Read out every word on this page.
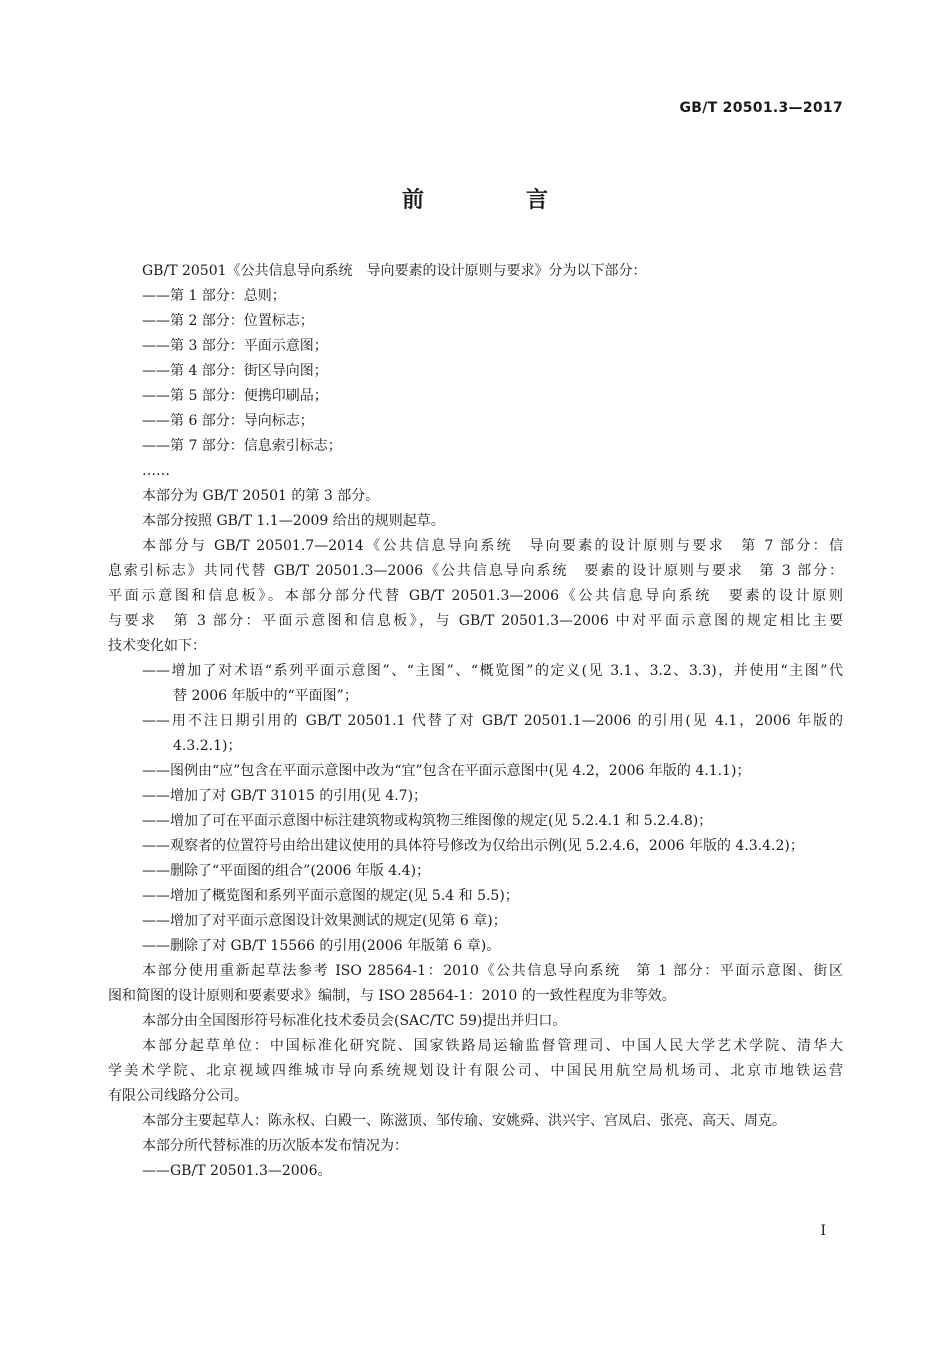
GB/T 20501.3—2017
前　言
GB/T 20501《公共信息导向系统　导向要素的设计原则与要求》分为以下部分：
——第 1 部分：总则；
——第 2 部分：位置标志；
——第 3 部分：平面示意图；
——第 4 部分：街区导向图；
——第 5 部分：便携印刷品；
——第 6 部分：导向标志；
——第 7 部分：信息索引标志；
……
本部分为 GB/T 20501 的第 3 部分。
本部分按照 GB/T 1.1—2009 给出的规则起草。
本部分与 GB/T 20501.7—2014《公共信息导向系统　导向要素的设计原则与要求　第 7 部分：信
息索引标志》共同代替 GB/T 20501.3—2006《公共信息导向系统　要素的设计原则与要求　第 3 部分：
平面示意图和信息板》。本部分部分代替 GB/T 20501.3—2006《公共信息导向系统　要素的设计原则
与要求　第 3 部分：平面示意图和信息板》，与 GB/T 20501.3—2006 中对平面示意图的规定相比主要
技术变化如下：
——增加了对术语“系列平面示意图”、“主图”、“概览图”的定义(见 3.1、3.2、3.3)，并使用“主图”代
替 2006 年版中的“平面图”；
——用不注日期引用的 GB/T 20501.1 代替了对 GB/T 20501.1—2006 的引用(见 4.1，2006 年版的
4.3.2.1)；
——图例由“应”包含在平面示意图中改为“宜”包含在平面示意图中(见 4.2，2006 年版的 4.1.1)；
——增加了对 GB/T 31015 的引用(见 4.7)；
——增加了可在平面示意图中标注建筑物或构筑物三维图像的规定(见 5.2.4.1 和 5.2.4.8)；
——观察者的位置符号由给出建议使用的具体符号修改为仅给出示例(见 5.2.4.6，2006 年版的 4.3.4.2)；
——删除了“平面图的组合”(2006 年版 4.4)；
——增加了概览图和系列平面示意图的规定(见 5.4 和 5.5)；
——增加了对平面示意图设计效果测试的规定(见第 6 章)；
——删除了对 GB/T 15566 的引用(2006 年版第 6 章)。
本部分使用重新起草法参考 ISO 28564-1：2010《公共信息导向系统　第 1 部分：平面示意图、街区
图和简图的设计原则和要素要求》编制，与 ISO 28564-1：2010 的一致性程度为非等效。
本部分由全国图形符号标准化技术委员会(SAC/TC 59)提出并归口。
本部分起草单位：中国标准化研究院、国家铁路局运输监督管理司、中国人民大学艺术学院、清华大
学美术学院、北京视域四维城市导向系统规划设计有限公司、中国民用航空局机场司、北京市地铁运营
有限公司线路分公司。
本部分主要起草人：陈永权、白殿一、陈滋顶、邹传瑜、安姚舜、洪兴宇、宫凤启、张亮、高天、周克。
本部分所代替标准的历次版本发布情况为：
——GB/T 20501.3—2006。
I
